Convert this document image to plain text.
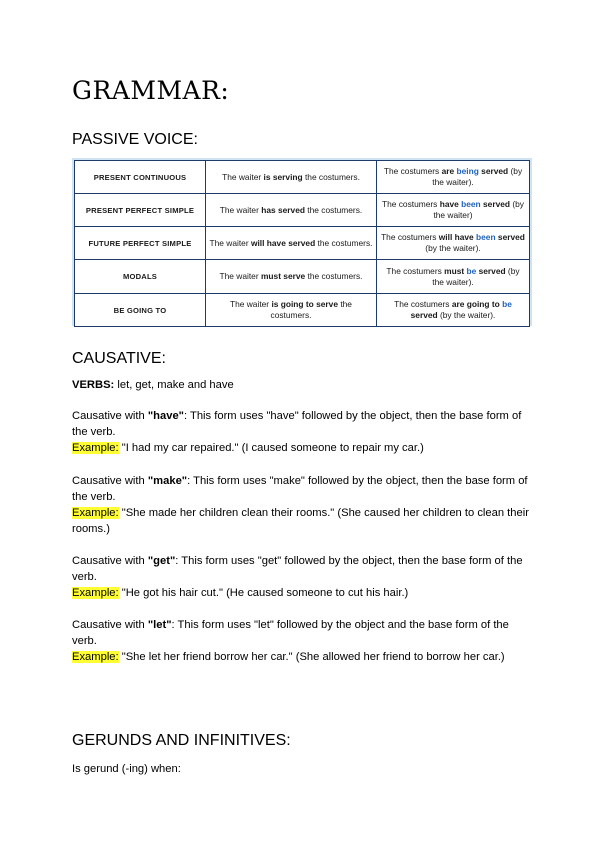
GRAMMAR:
PASSIVE VOICE:
PRESENT CONTINUOUS	The waiter is serving the costumers.	The costumers are being served (by the waiter).
PRESENT PERFECT SIMPLE	The waiter has served the costumers.	The costumers have been served (by the waiter)
FUTURE PERFECT SIMPLE	The waiter will have served the costumers.	The costumers will have been served (by the waiter).
MODALS	The waiter must serve the costumers.	The costumers must be served (by the waiter).
BE GOING TO	The waiter is going to serve the costumers.	The costumers are going to be served (by the waiter).
CAUSATIVE:

VERBS: let, get, make and have

Causative with "have": This form uses "have" followed by the object, then the base form of the verb.
Example: "I had my car repaired." (I caused someone to repair my car.)

Causative with "make": This form uses "make" followed by the object, then the base form of the verb.
Example: "She made her children clean their rooms." (She caused her children to clean their rooms.)

Causative with "get": This form uses "get" followed by the object, then the base form of the verb.
Example: "He got his hair cut." (He caused someone to cut his hair.)

Causative with "let": This form uses "let" followed by the object and the base form of the verb.
Example: "She let her friend borrow her car." (She allowed her friend to borrow her car.)

GERUNDS AND INFINITIVES:

Is gerund (-ing) when:
